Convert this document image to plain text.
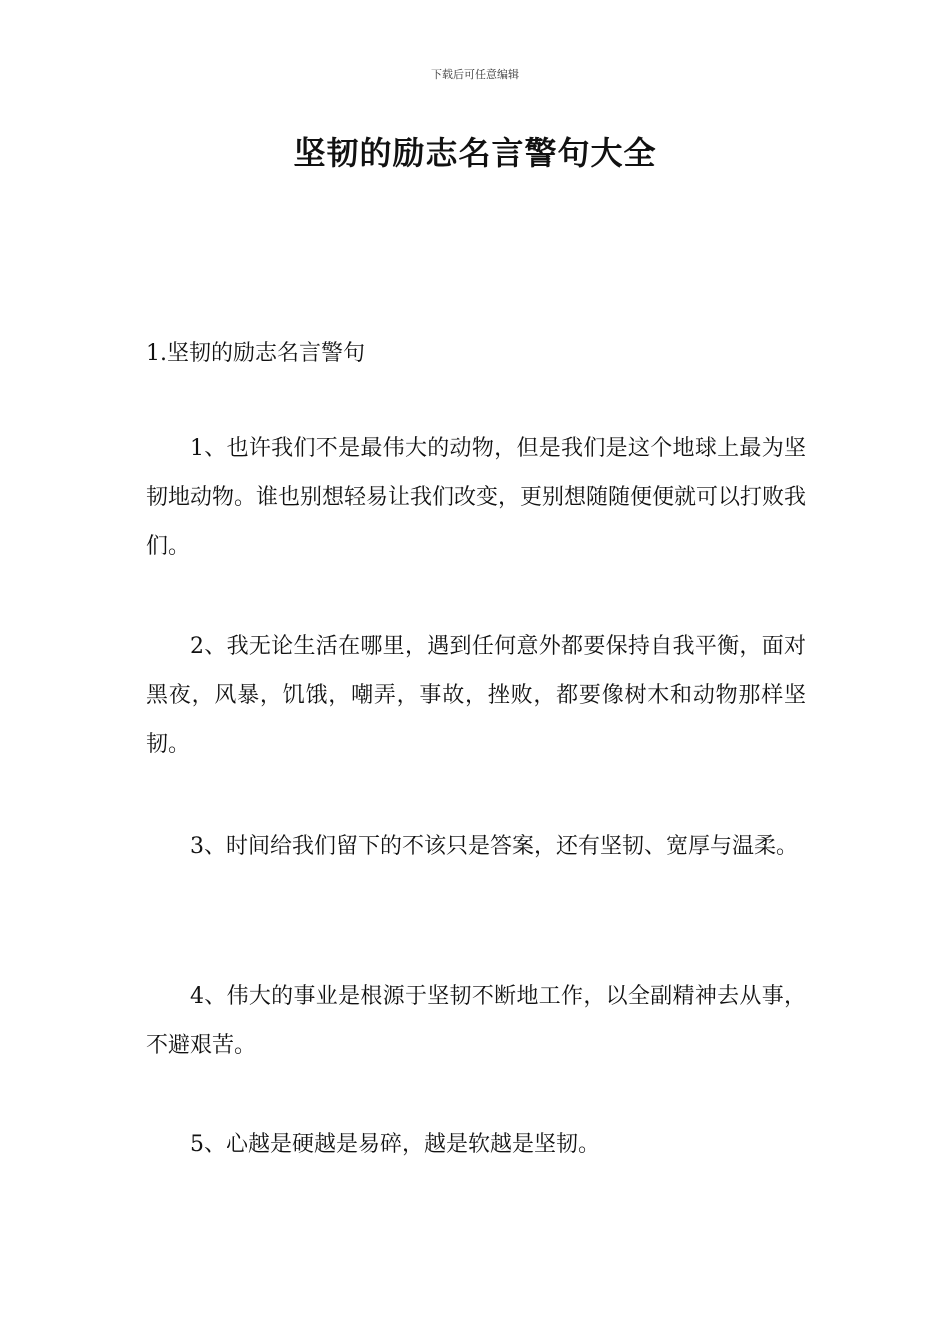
下载后可任意编辑
坚韧的励志名言警句大全
1.坚韧的励志名言警句

1、也许我们不是最伟大的动物，但是我们是这个地球上最为坚韧地动物。谁也别想轻易让我们改变，更别想随随便便就可以打败我们。

2、我无论生活在哪里，遇到任何意外都要保持自我平衡，面对黑夜，风暴，饥饿，嘲弄，事故，挫败，都要像树木和动物那样坚韧。

3、时间给我们留下的不该只是答案，还有坚韧、宽厚与温柔。

4、伟大的事业是根源于坚韧不断地工作，以全副精神去从事，不避艰苦。

5、心越是硬越是易碎，越是软越是坚韧。
